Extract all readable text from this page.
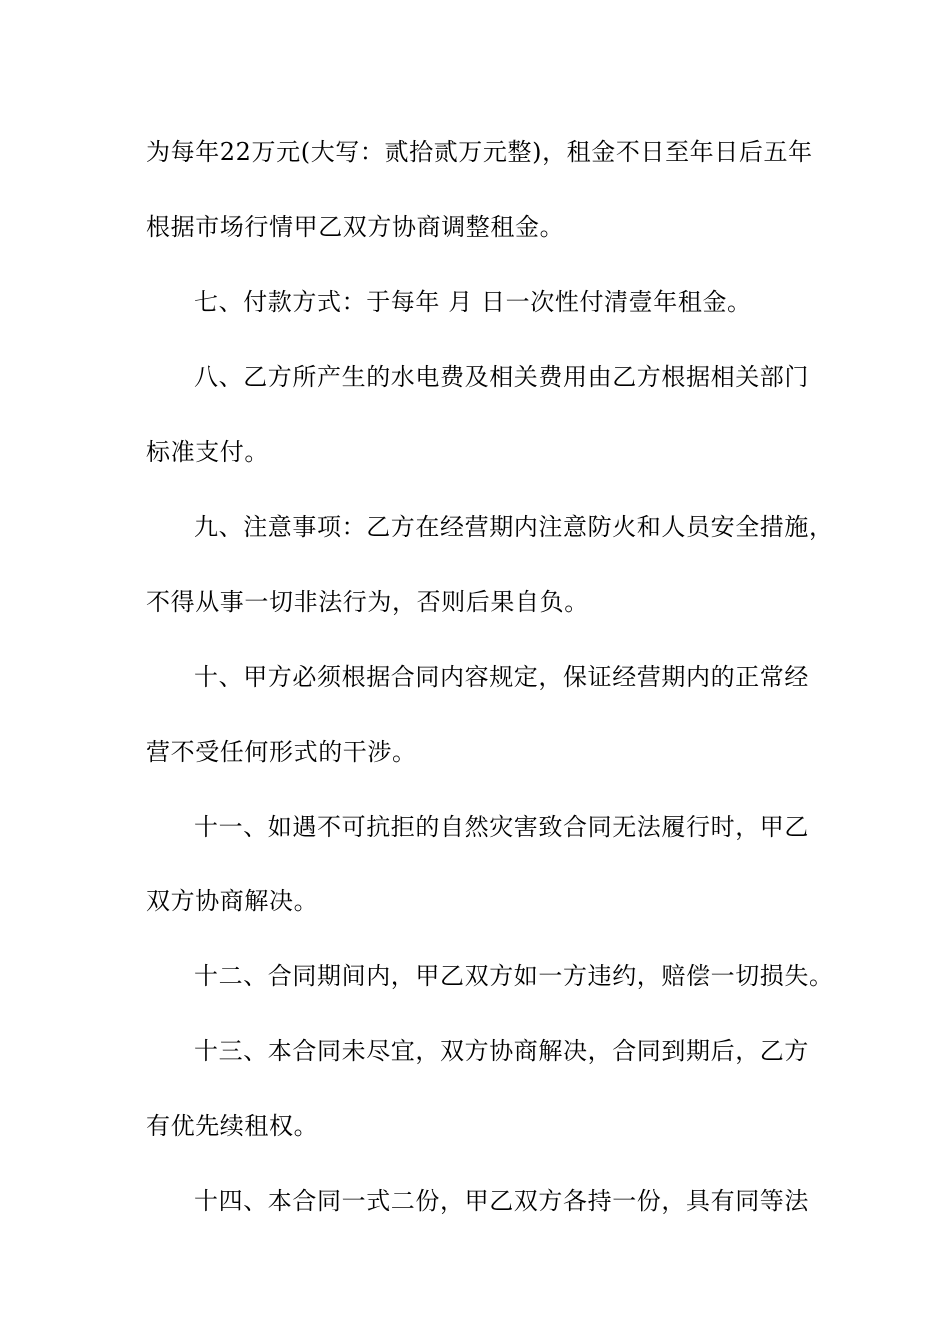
为每年22万元(大写：贰拾贰万元整)，租金不日至年日后五年
根据市场行情甲乙双方协商调整租金。
七、付款方式：于每年 月 日一次性付清壹年租金。
八、乙方所产生的水电费及相关费用由乙方根据相关部门
标准支付。
九、注意事项：乙方在经营期内注意防火和人员安全措施，
不得从事一切非法行为，否则后果自负。
十、甲方必须根据合同内容规定，保证经营期内的正常经
营不受任何形式的干涉。
十一、如遇不可抗拒的自然灾害致合同无法履行时，甲乙
双方协商解决。
十二、合同期间内，甲乙双方如一方违约，赔偿一切损失。
十三、本合同未尽宜，双方协商解决，合同到期后，乙方
有优先续租权。
十四、本合同一式二份，甲乙双方各持一份，具有同等法
